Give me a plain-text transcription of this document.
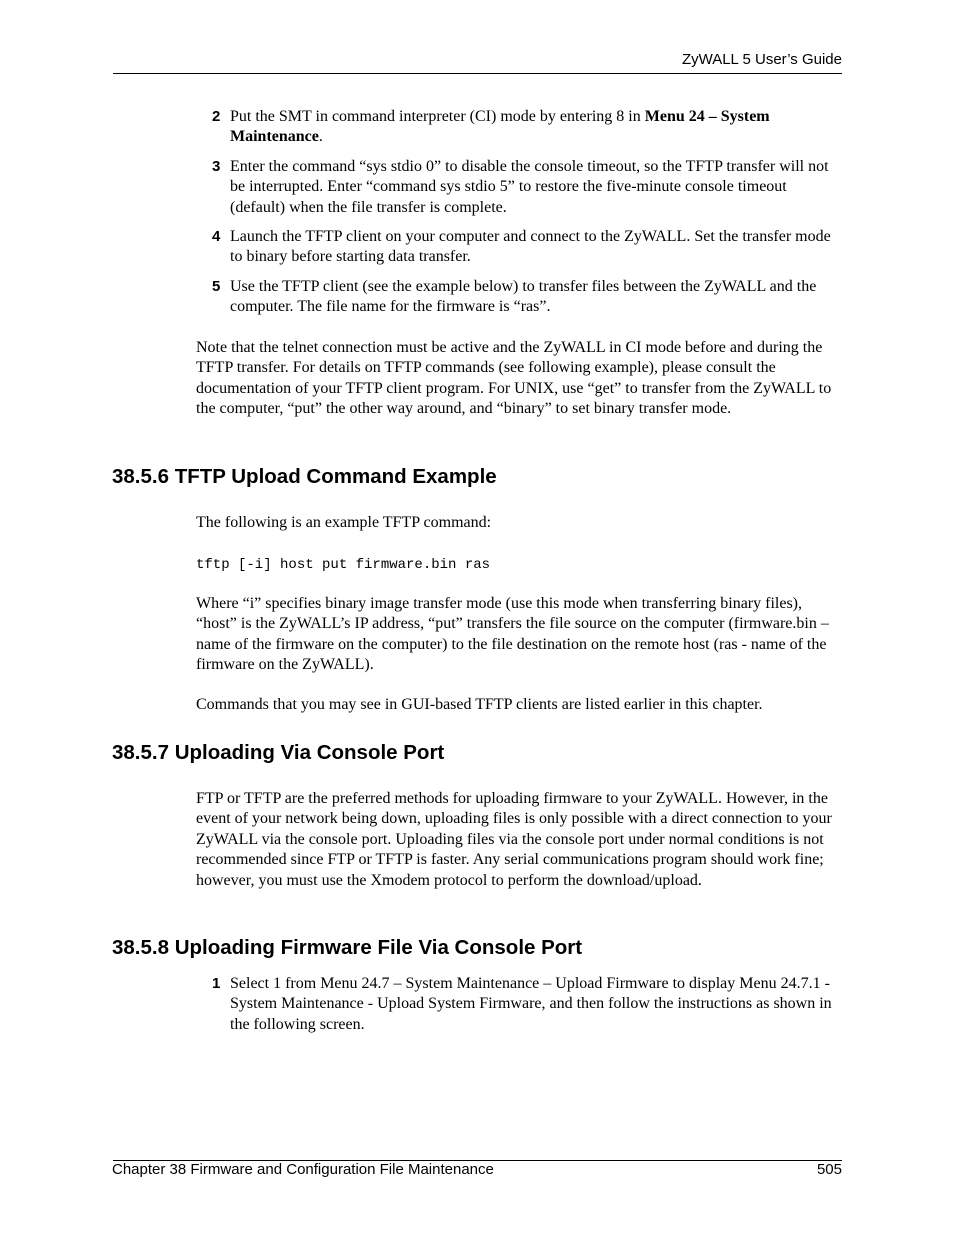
ZyWALL 5 User’s Guide
2 Put the SMT in command interpreter (CI) mode by entering 8 in Menu 24 – System Maintenance.
3 Enter the command “sys stdio 0” to disable the console timeout, so the TFTP transfer will not be interrupted. Enter “command sys stdio 5” to restore the five-minute console timeout (default) when the file transfer is complete.
4 Launch the TFTP client on your computer and connect to the ZyWALL. Set the transfer mode to binary before starting data transfer.
5 Use the TFTP client (see the example below) to transfer files between the ZyWALL and the computer. The file name for the firmware is “ras”.
Note that the telnet connection must be active and the ZyWALL in CI mode before and during the TFTP transfer. For details on TFTP commands (see following example), please consult the documentation of your TFTP client program. For UNIX, use “get” to transfer from the ZyWALL to the computer, “put” the other way around, and “binary” to set binary transfer mode.
38.5.6 TFTP Upload Command Example
The following is an example TFTP command:
tftp [-i] host put firmware.bin ras
Where “i” specifies binary image transfer mode (use this mode when transferring binary files), “host” is the ZyWALL’s IP address, “put” transfers the file source on the computer (firmware.bin – name of the firmware on the computer) to the file destination on the remote host (ras - name of the firmware on the ZyWALL).
Commands that you may see in GUI-based TFTP clients are listed earlier in this chapter.
38.5.7 Uploading Via Console Port
FTP or TFTP are the preferred methods for uploading firmware to your ZyWALL. However, in the event of your network being down, uploading files is only possible with a direct connection to your ZyWALL via the console port. Uploading files via the console port under normal conditions is not recommended since FTP or TFTP is faster. Any serial communications program should work fine; however, you must use the Xmodem protocol to perform the download/upload.
38.5.8 Uploading Firmware File Via Console Port
1 Select 1 from Menu 24.7 – System Maintenance – Upload Firmware to display Menu 24.7.1 - System Maintenance - Upload System Firmware, and then follow the instructions as shown in the following screen.
Chapter 38 Firmware and Configuration File Maintenance	505
